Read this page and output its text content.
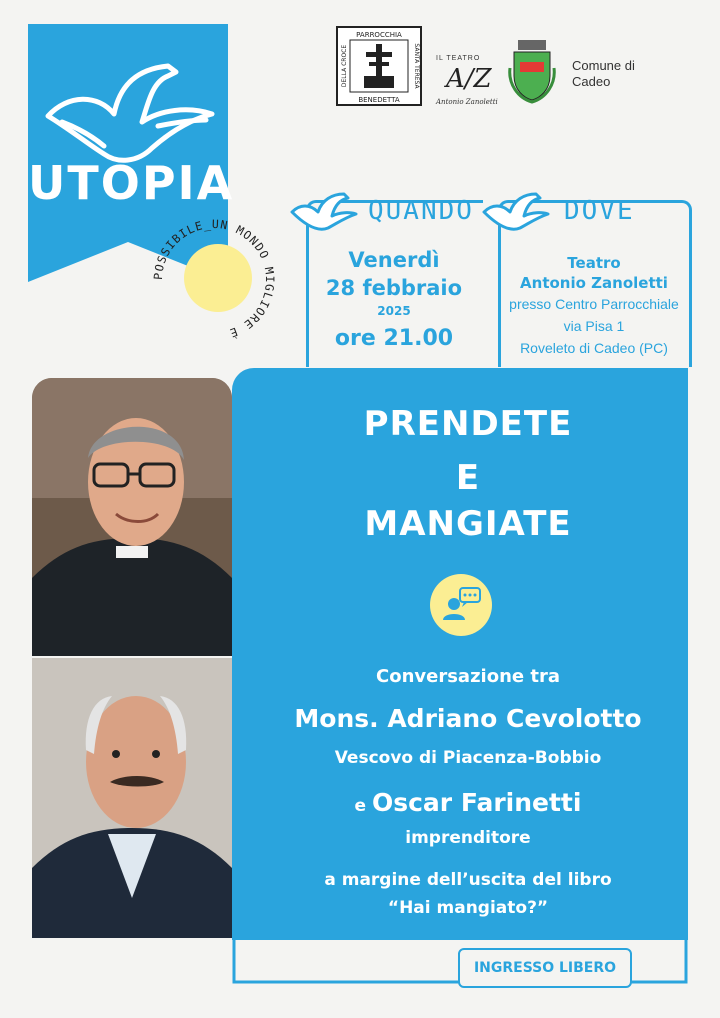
UTOPIA
POSSIBILE_UN MONDO MIGLIORE È
PARROCCHIA
BENEDETTA
DELLA CROCE	SANTA TERESA IL TEATRO
A/Z
Antonio Zanoletti
Comune di
Cadeo
QUANDO
Venerdì
28 febbraio
2025
ore 21.00
DOVE
Teatro
Antonio Zanoletti
presso Centro Parrocchiale
via Pisa 1
Roveleto di Cadeo (PC)
PRENDETE
E
MANGIATE
Conversazione tra
Mons. Adriano Cevolotto
Vescovo di Piacenza-Bobbio
e Oscar Farinetti
imprenditore
a margine dell’uscita del libro
“Hai mangiato?”
INGRESSO LIBERO
